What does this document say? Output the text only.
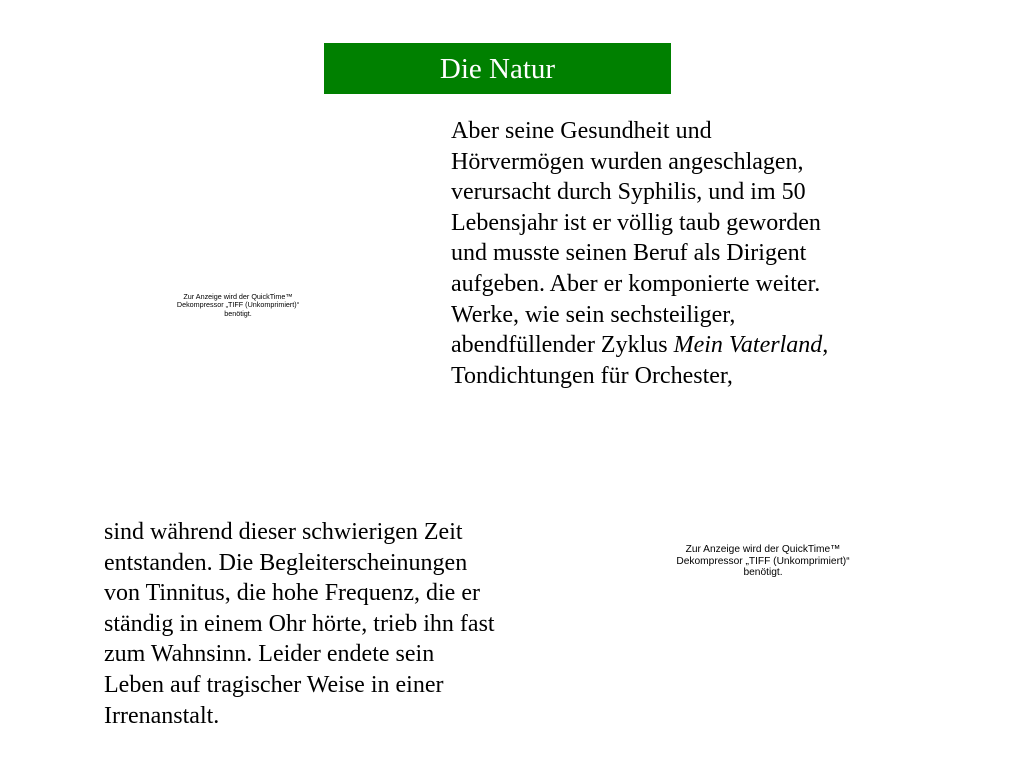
Die Natur
Zur Anzeige wird der QuickTime™
Dekompressor „TIFF (Unkomprimiert)“
benötigt.
Aber seine Gesundheit und
Hörvermögen wurden angeschlagen,
verursacht durch Syphilis, und im 50
Lebensjahr ist er völlig taub geworden
und musste seinen Beruf als Dirigent
aufgeben. Aber er komponierte weiter.
Werke, wie sein sechsteiliger,
abendfüllender Zyklus Mein Vaterland,
Tondichtungen für Orchester,
sind während dieser schwierigen Zeit
entstanden. Die Begleiterscheinungen
von Tinnitus, die hohe Frequenz, die er
ständig in einem Ohr hörte, trieb ihn fast
zum Wahnsinn. Leider endete sein
Leben auf tragischer Weise in einer
Irrenanstalt.
Zur Anzeige wird der QuickTime™
Dekompressor „TIFF (Unkomprimiert)“
benötigt.
